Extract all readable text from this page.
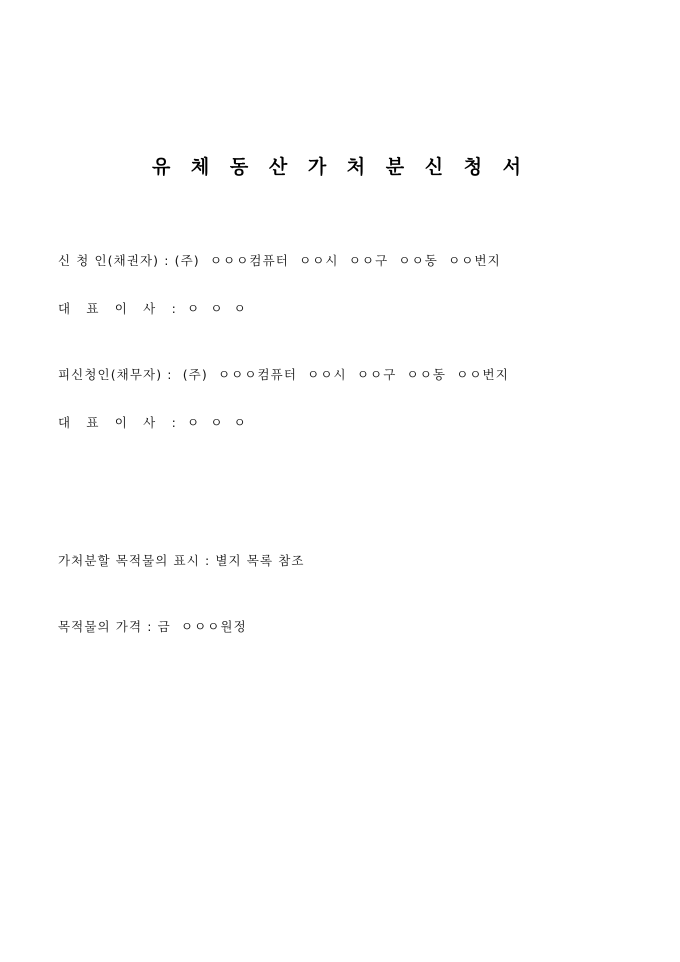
유 체 동 산 가 처 분 신 청 서

신 청 인(채권자) : (주)  ㅇㅇㅇ컴퓨터  ㅇㅇ시  ㅇㅇ구  ㅇㅇ동  ㅇㅇ번지

대   표   이   사   :  ㅇ  ㅇ  ㅇ

피신청인(채무자) :  (주)  ㅇㅇㅇ컴퓨터  ㅇㅇ시  ㅇㅇ구  ㅇㅇ동  ㅇㅇ번지

대   표   이   사   :  ㅇ  ㅇ  ㅇ

가처분할 목적물의 표시 : 별지 목록 참조

목적물의 가격 : 금  ㅇㅇㅇ원정
